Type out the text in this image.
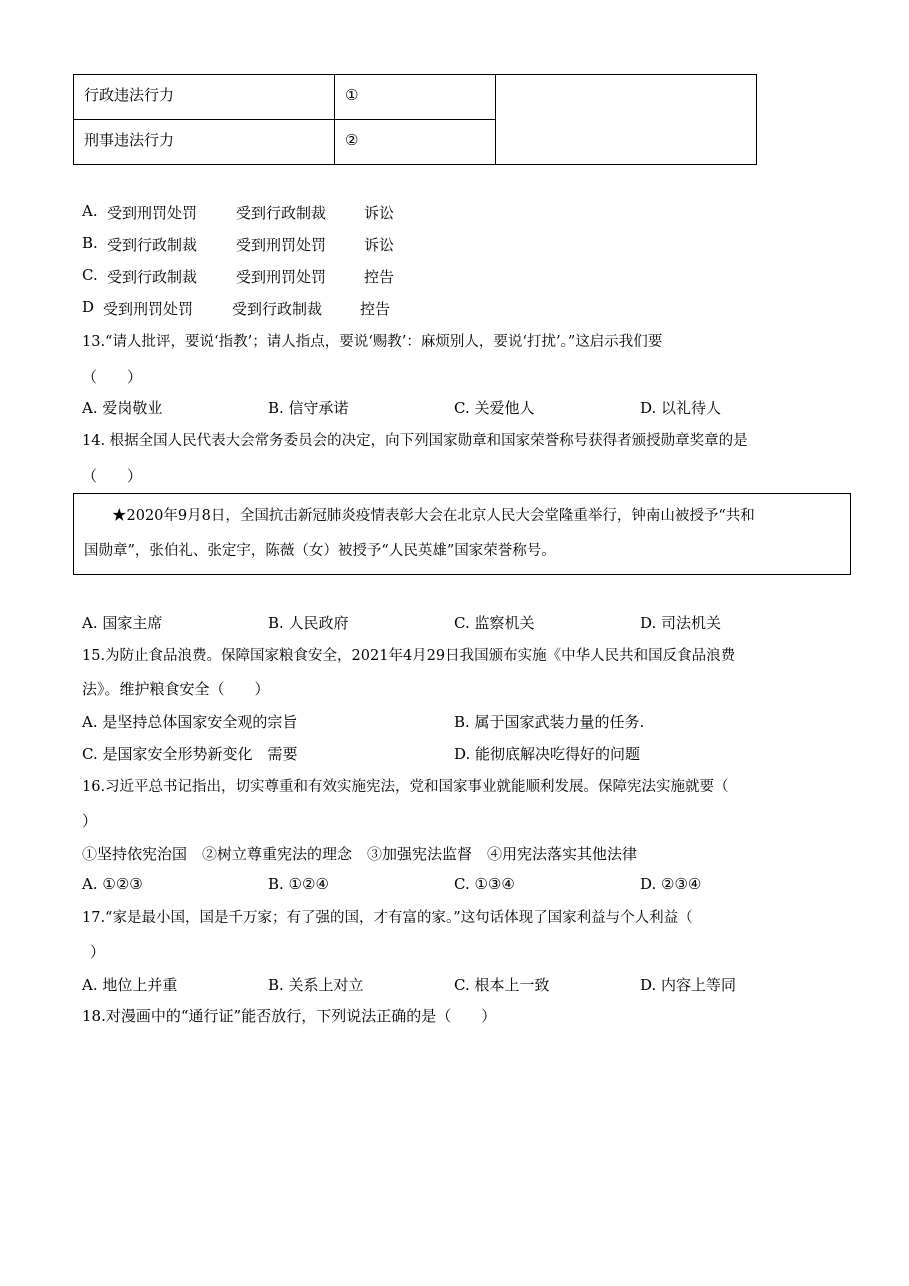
行政违法行力	①	
刑事违法行力	②	
A. 受到刑罚处罚	受到行政制裁	诉讼
B. 受到行政制裁	受到刑罚处罚	诉讼
C. 受到行政制裁	受到刑罚处罚	控告
D 受到刑罚处罚	受到行政制裁	控告
13.“请人批评，要说‘指教’；请人指点，要说‘赐教’：麻烦别人，要说‘打扰’。”这启示我们要
（　　）
A. 爱岗敬业	B. 信守承诺	C. 关爱他人	D. 以礼待人
14. 根据全国人民代表大会常务委员会的决定，向下列国家勋章和国家荣誉称号获得者颁授勋章奖章的是
（　　）

★2020年9月8日，全国抗击新冠肺炎疫情表彰大会在北京人民大会堂隆重举行，钟南山被授予“共和

国勋章”，张伯礼、张定宇，陈薇（女）被授予“人民英雄”国家荣誉称号。

A. 国家主席	B. 人民政府	C. 监察机关	D. 司法机关
15.为防止食品浪费。保障国家粮食安全，2021年4月29日我国颁布实施《中华人民共和国反食品浪费
法》。维护粮食安全（　　）
A. 是坚持总体国家安全观的宗旨	B. 属于国家武装力量的任务.
C. 是国家安全形势新变化　需要	D. 能彻底解决吃得好的问题
16.习近平总书记指出，切实尊重和有效实施宪法，党和国家事业就能顺利发展。保障宪法实施就要（
）
①坚持依宪治国　②树立尊重宪法的理念　③加强宪法监督　④用宪法落实其他法律
A. ①②③	B. ①②④	C. ①③④	D. ②③④
17.“家是最小国，国是千万家；有了强的国，才有富的家。”这句话体现了国家利益与个人利益（
）
A. 地位上并重	B. 关系上对立	C. 根本上一致	D. 内容上等同
18.对漫画中的“通行证”能否放行，下列说法正确的是（　　）
